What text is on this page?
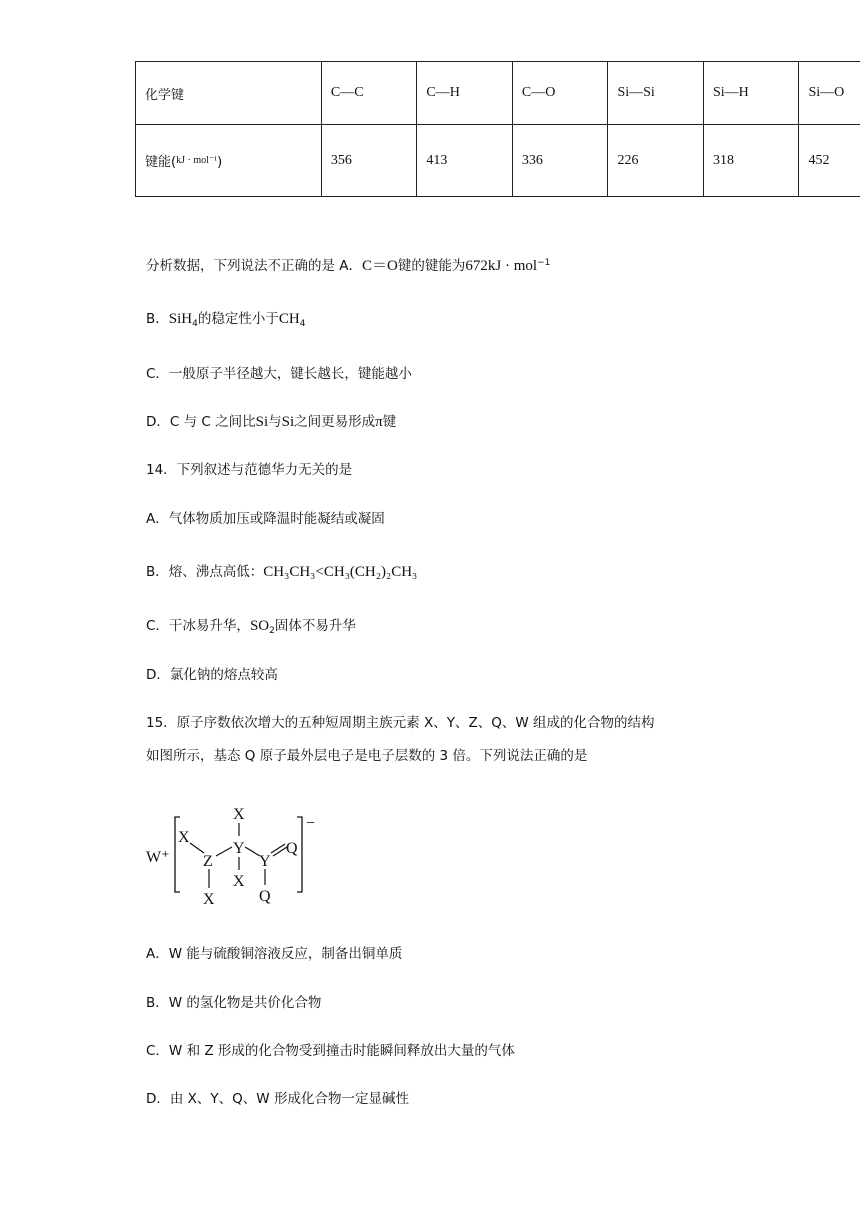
化学键	C—C	C—H	C—O	Si—Si	Si—H	Si—O
键能($^{kJ \cdot mol^{-1}}$)	356	413	336	226	318	452
分析数据，下列说法不正确的是 A．C＝O键的键能为672kJ · mol$^{-1}$
B．SiH$_4$的稳定性小于$CH_4$
C．一般原子半径越大，键长越长，键能越小
D．C 与 C 之间比Si与Si之间更易形成π键
14．下列叙述与范德华力无关的是
A．气体物质加压或降温时能凝结或凝固
B．熔、沸点高低：CH₃CH₃<CH₃(CH₂)₂CH₃
C．干冰易升华，$SO_2$固体不易升华
D．氯化钠的熔点较高
15．原子序数依次增大的五种短周期主族元素 X、Y、Z、Q、W 组成的化合物的结构
如图所示，基态 Q 原子最外层电子是电子层数的 3 倍。下列说法正确的是
W⁺
−
X
Z
X
X
Y
X
Y
Q
Q
A．W 能与硫酸铜溶液反应，制备出铜单质
B．W 的氢化物是共价化合物
C．W 和 Z 形成的化合物受到撞击时能瞬间释放出大量的气体
D．由 X、Y、Q、W 形成化合物一定显碱性
